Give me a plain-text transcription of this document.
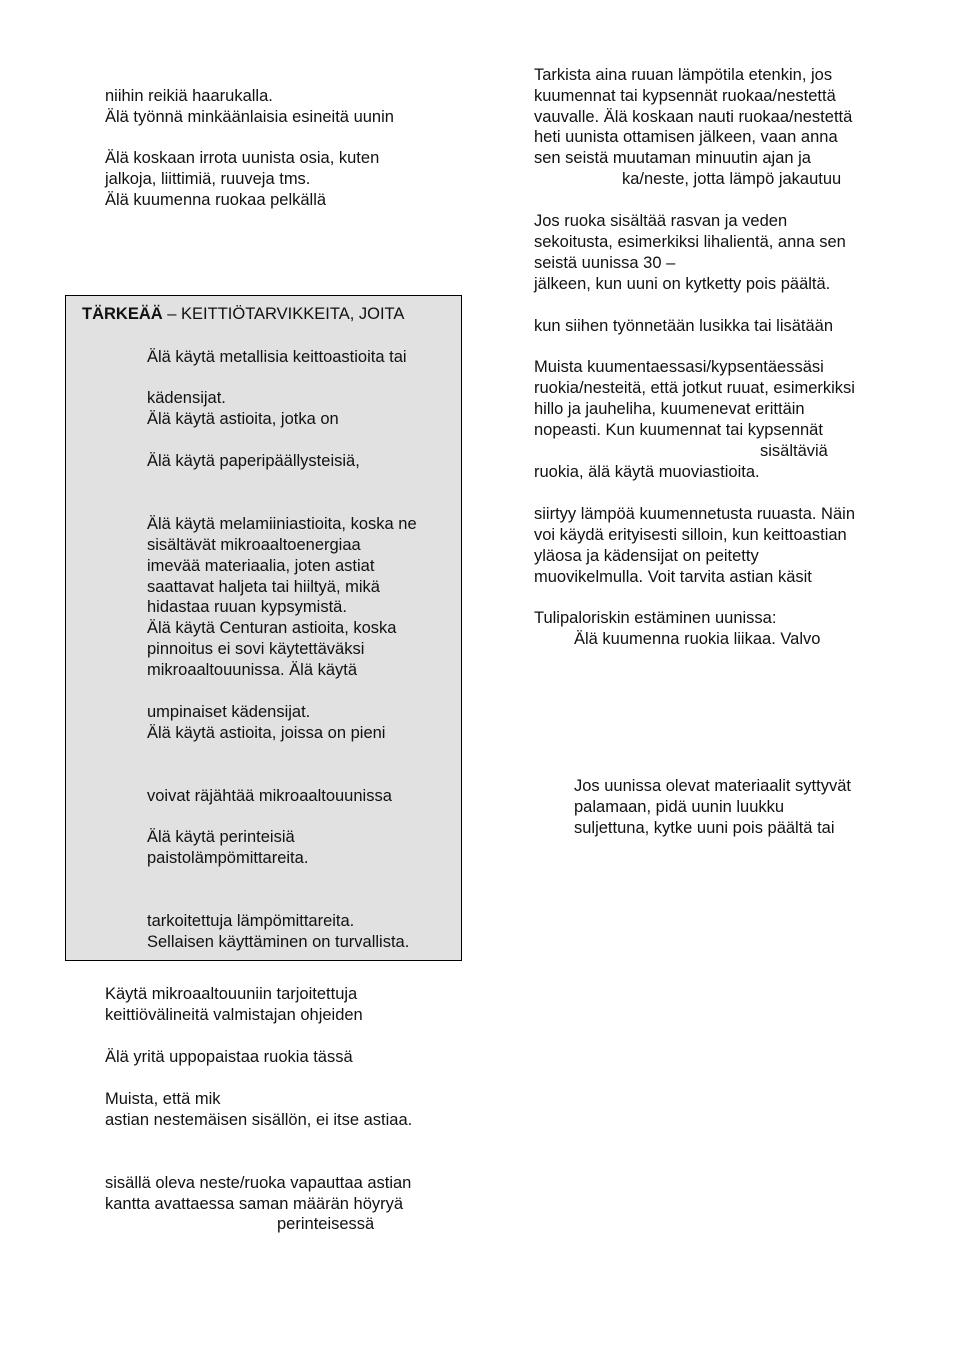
niihin reikiä haarukalla.

Älä työnnä minkäänlaisia esineitä uunin

Älä koskaan irrota uunista osia, kuten

jalkoja, liittimiä, ruuveja tms.

Älä kuumenna ruokaa pelkällä

TÄRKEÄÄ – KEITTIÖTARVIKKEITA, JOITA

Älä käytä metallisia keittoastioita tai

kädensijat.

Älä käytä astioita, jotka on

Älä käytä paperipäällysteisiä,

Älä käytä melamiiniastioita, koska ne

sisältävät mikroaaltoenergiaa

imevää materiaalia, joten astiat

saattavat haljeta tai hiiltyä, mikä

hidastaa ruuan kypsymistä.

Älä käytä Centuran astioita, koska

pinnoitus ei sovi käytettäväksi

mikroaaltouunissa. Älä käytä

umpinaiset kädensijat.

Älä käytä astioita, joissa on pieni

voivat räjähtää mikroaaltouunissa

Älä käytä perinteisiä

paistolämpömittareita.

tarkoitettuja lämpömittareita.

Sellaisen käyttäminen on turvallista.

Käytä mikroaaltouuniin tarjoitettuja

keittiövälineitä valmistajan ohjeiden

Älä yritä uppopaistaa ruokia tässä

Muista, että mik

astian nestemäisen sisällön, ei itse astiaa.

sisällä oleva neste/ruoka vapauttaa astian

kantta avattaessa saman määrän höyryä

perinteisessä

Tarkista aina ruuan lämpötila etenkin, jos

kuumennat tai kypsennät ruokaa/nestettä

vauvalle. Älä koskaan nauti ruokaa/nestettä

heti uunista ottamisen jälkeen, vaan anna

sen seistä muutaman minuutin ajan ja

ka/neste, jotta lämpö jakautuu

Jos ruoka sisältää rasvan ja veden

sekoitusta, esimerkiksi lihalientä, anna sen

seistä uunissa 30 –

jälkeen, kun uuni on kytketty pois päältä.

kun siihen työnnetään lusikka tai lisätään

Muista kuumentaessasi/kypsentäessäsi

ruokia/nesteitä, että jotkut ruuat, esimerkiksi

hillo ja jauheliha, kuumenevat erittäin

nopeasti. Kun kuumennat tai kypsennät

sisältäviä

ruokia, älä käytä muoviastioita.

siirtyy lämpöä kuumennetusta ruuasta. Näin

voi käydä erityisesti silloin, kun keittoastian

yläosa ja kädensijat on peitetty

muovikelmulla. Voit tarvita astian käsit

Tulipaloriskin estäminen uunissa:

Älä kuumenna ruokia liikaa. Valvo

Jos uunissa olevat materiaalit syttyvät

palamaan, pidä uunin luukku

suljettuna, kytke uuni pois päältä tai
